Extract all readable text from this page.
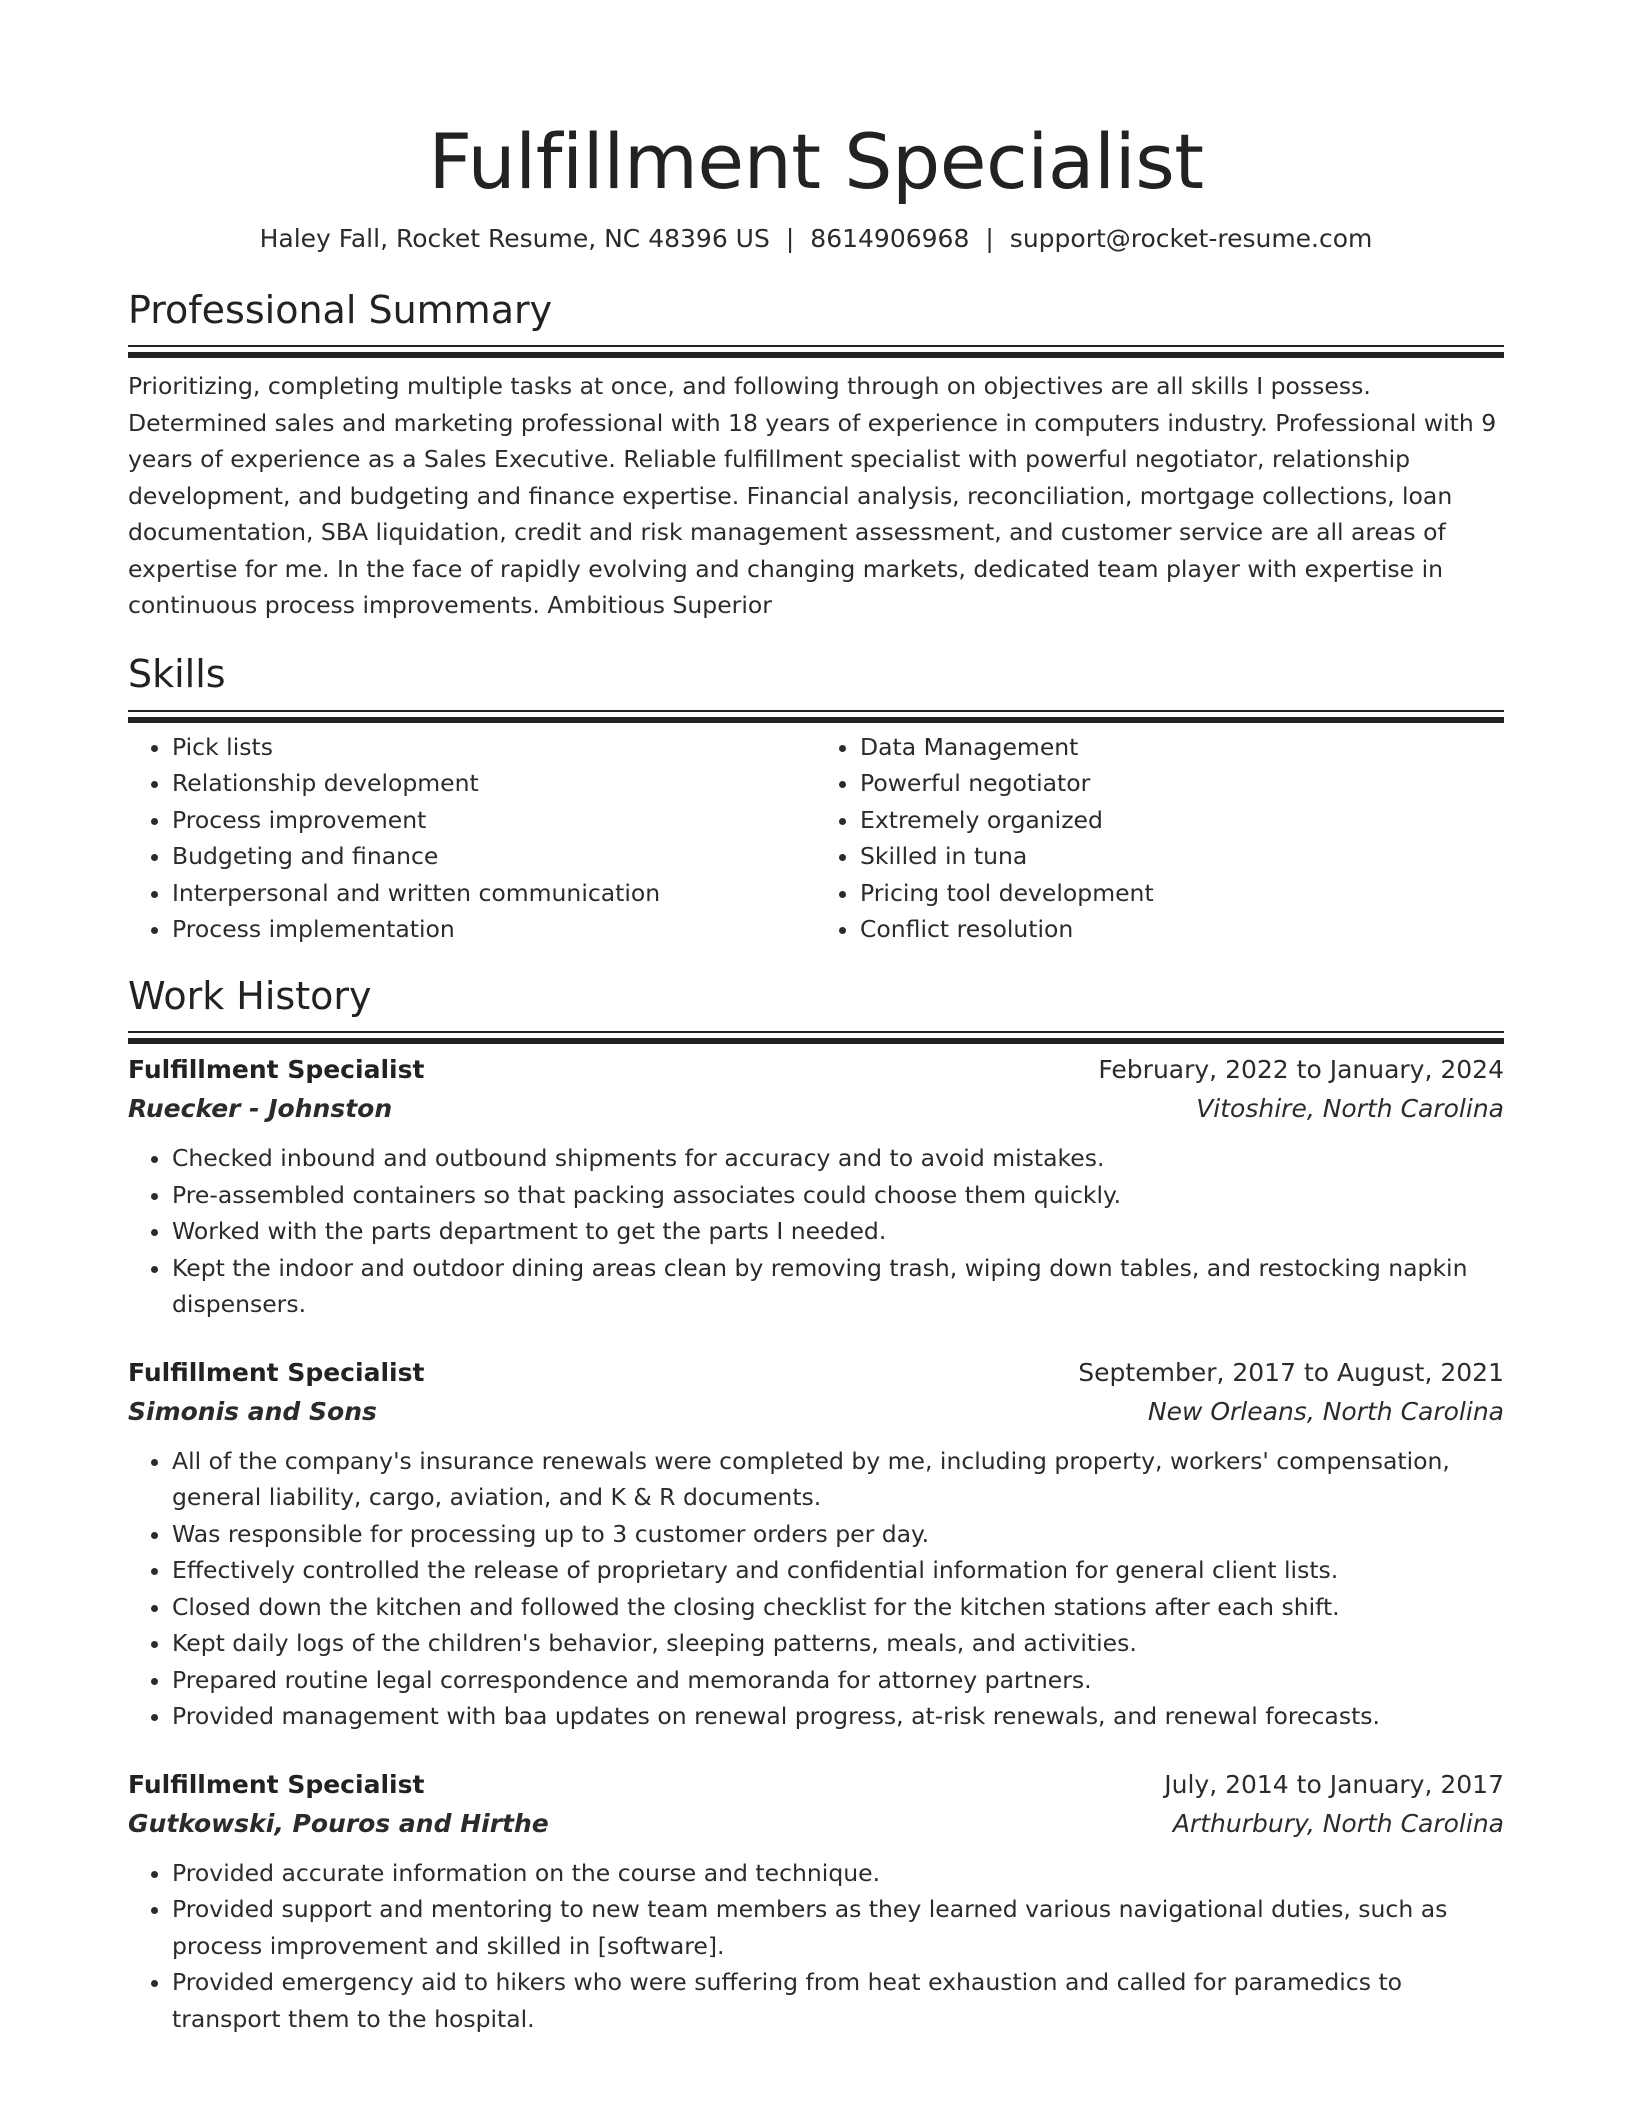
Fulfillment Specialist
Haley Fall, Rocket Resume, NC 48396 US | 8614906968 | support@rocket-resume.com
Professional Summary
Prioritizing, completing multiple tasks at once, and following through on objectives are all skills I possess. Determined sales and marketing professional with 18 years of experience in computers industry. Professional with 9 years of experience as a Sales Executive. Reliable fulfillment specialist with powerful negotiator, relationship development, and budgeting and finance expertise. Financial analysis, reconciliation, mortgage collections, loan documentation, SBA liquidation, credit and risk management assessment, and customer service are all areas of expertise for me. In the face of rapidly evolving and changing markets, dedicated team player with expertise in continuous process improvements. Ambitious Superior
Skills
• Pick lists
• Relationship development
• Process improvement
• Budgeting and finance
• Interpersonal and written communication
• Process implementation
• Data Management
• Powerful negotiator
• Extremely organized
• Skilled in tuna
• Pricing tool development
• Conflict resolution
Work History
Fulfillment Specialist	February, 2022 to January, 2024
Ruecker - Johnston	Vitoshire, North Carolina
• Checked inbound and outbound shipments for accuracy and to avoid mistakes.
• Pre-assembled containers so that packing associates could choose them quickly.
• Worked with the parts department to get the parts I needed.
• Kept the indoor and outdoor dining areas clean by removing trash, wiping down tables, and restocking napkin dispensers.
Fulfillment Specialist	September, 2017 to August, 2021
Simonis and Sons	New Orleans, North Carolina
• All of the company's insurance renewals were completed by me, including property, workers' compensation, general liability, cargo, aviation, and K & R documents.
• Was responsible for processing up to 3 customer orders per day.
• Effectively controlled the release of proprietary and confidential information for general client lists.
• Closed down the kitchen and followed the closing checklist for the kitchen stations after each shift.
• Kept daily logs of the children's behavior, sleeping patterns, meals, and activities.
• Prepared routine legal correspondence and memoranda for attorney partners.
• Provided management with baa updates on renewal progress, at-risk renewals, and renewal forecasts.
Fulfillment Specialist	July, 2014 to January, 2017
Gutkowski, Pouros and Hirthe	Arthurbury, North Carolina
• Provided accurate information on the course and technique.
• Provided support and mentoring to new team members as they learned various navigational duties, such as process improvement and skilled in [software].
• Provided emergency aid to hikers who were suffering from heat exhaustion and called for paramedics to transport them to the hospital.
